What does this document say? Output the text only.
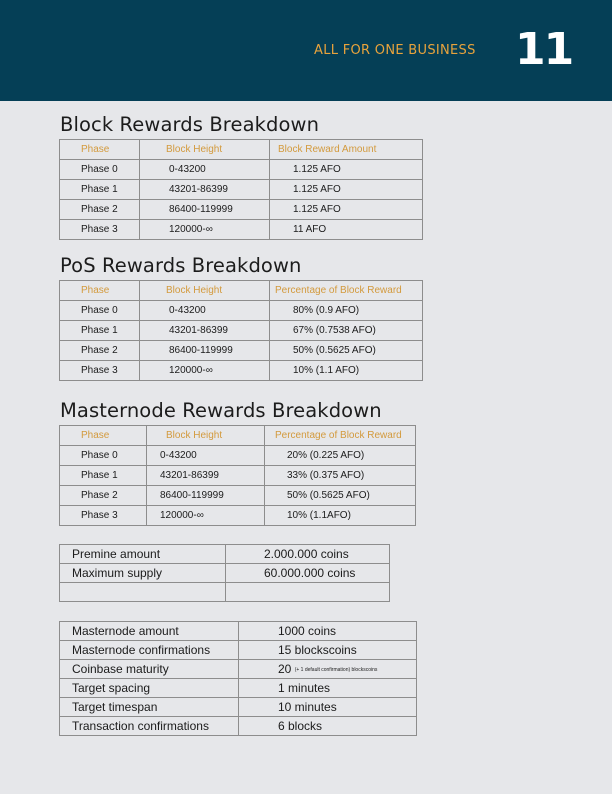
ALL FOR ONE BUSINESS 11
Block Rewards Breakdown
Phase	Block Height	Block Reward Amount
Phase 0	0-43200	1.125 AFO
Phase 1	43201-86399	1.125 AFO
Phase 2	86400-119999	1.125 AFO
Phase 3	120000-∞	11 AFO
PoS Rewards Breakdown
Phase	Block Height	Percentage of Block Reward
Phase 0	0-43200	80% (0.9 AFO)
Phase 1	43201-86399	67% (0.7538 AFO)
Phase 2	86400-119999	50% (0.5625 AFO)
Phase 3	120000-∞	10% (1.1 AFO)
Masternode Rewards Breakdown
Phase	Block Height	Percentage of Block Reward
Phase 0	0-43200	20% (0.225 AFO)
Phase 1	43201-86399	33% (0.375 AFO)
Phase 2	86400-119999	50% (0.5625 AFO)
Phase 3	120000-∞	10% (1.1AFO)
Premine amount	2.000.000 coins
Maximum supply	60.000.000 coins

Masternode amount	1000 coins
Masternode confirmations	15 blockscoins
Coinbase maturity	20 (+ 1 default confirmation) blockscoins
Target spacing	1 minutes
Target timespan	10 minutes
Transaction confirmations	6 blocks
